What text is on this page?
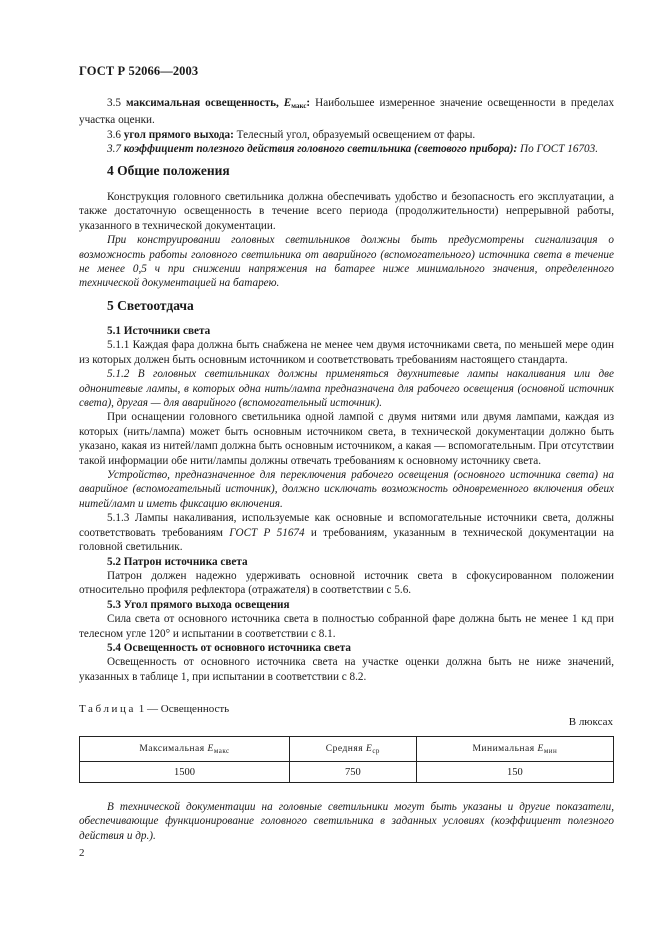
ГОСТ Р 52066—2003

3.5 максимальная освещенность, $E_{макс}$: Наибольшее измеренное значение освещенности в пределах участка оценки.

3.6 угол прямого выхода: Телесный угол, образуемый освещением от фары.

3.7 коэффициент полезного действия головного светильника (светового прибора): По ГОСТ 16703.

4 Общие положения

Конструкция головного светильника должна обеспечивать удобство и безопасность его эксплуатации, а также достаточную освещенность в течение всего периода (продолжительности) непрерывной работы, указанного в технической документации.

При конструировании головных светильников должны быть предусмотрены сигнализация о возможность работы головного светильника от аварийного (вспомогательного) источника света в течение не менее 0,5 ч при снижении напряжения на батарее ниже минимального значения, определенного технической документацией на батарею.

5 Светоотдача

5.1 Источники света

5.1.1 Каждая фара должна быть снабжена не менее чем двумя источниками света, по меньшей мере один из которых должен быть основным источником и соответствовать требованиям настоящего стандарта.

5.1.2 В головных светильниках должны применяться двухнитевые лампы накаливания или две однонитевые лампы, в которых одна нить/лампа предназначена для рабочего освещения (основной источник света), другая — для аварийного (вспомогательный источник).

При оснащении головного светильника одной лампой с двумя нитями или двумя лампами, каждая из которых (нить/лампа) может быть основным источником света, в технической документации должно быть указано, какая из нитей/ламп должна быть основным источником, а какая — вспомогательным. При отсутствии такой информации обе нити/лампы должны отвечать требованиям к основному источнику света.

Устройство, предназначенное для переключения рабочего освещения (основного источника света) на аварийное (вспомогательный источник), должно исключать возможность одновременного включения обеих нитей/ламп и иметь фиксацию включения.

5.1.3 Лампы накаливания, используемые как основные и вспомогательные источники света, должны соответствовать требованиям ГОСТ Р 51674 и требованиям, указанным в технической документации на головной светильник.

5.2 Патрон источника света

Патрон должен надежно удерживать основной источник света в сфокусированном положении относительно профиля рефлектора (отражателя) в соответствии с 5.6.

5.3 Угол прямого выхода освещения

Сила света от основного источника света в полностью собранной фаре должна быть не менее 1 кд при телесном угле 120° и испытании в соответствии с 8.1.

5.4 Освещенность от основного источника света

Освещенность от основного источника света на участке оценки должна быть не ниже значений, указанных в таблице 1, при испытании в соответствии с 8.2.

Таблица 1 — Освещенность
В люксах
Максимальная $E_{макс}$	Средняя $E_{ср}$	Минимальная $E_{мин}$
1500	750	150

В технической документации на головные светильники могут быть указаны и другие показатели, обеспечивающие функционирование головного светильника в заданных условиях (коэффициент полезного действия и др.).

2
